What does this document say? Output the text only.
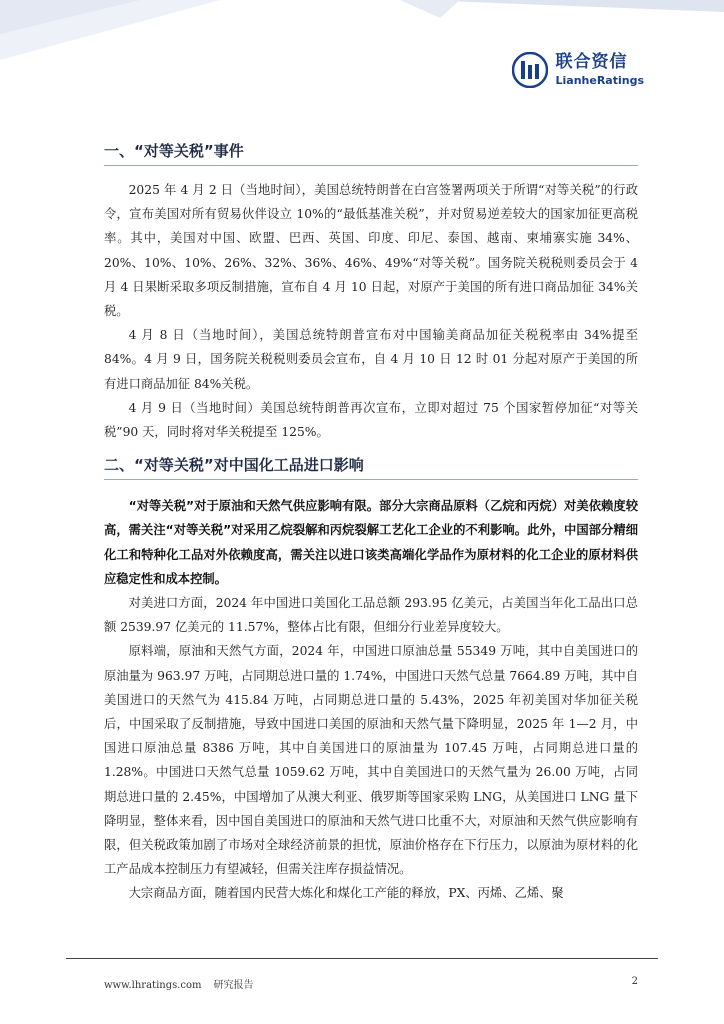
联合资信
LianheRatings
一、“对等关税”事件

2025 年 4 月 2 日（当地时间），美国总统特朗普在白宫签署两项关于所谓“对等关税”的行政令，宣布美国对所有贸易伙伴设立 10%的“最低基准关税”，并对贸易逆差较大的国家加征更高税率。其中，美国对中国、欧盟、巴西、英国、印度、印尼、泰国、越南、柬埔寨实施 34%、20%、10%、10%、26%、32%、36%、46%、49%“对等关税”。国务院关税税则委员会于 4 月 4 日果断采取多项反制措施，宣布自 4 月 10 日起，对原产于美国的所有进口商品加征 34%关税。

4 月 8 日（当地时间），美国总统特朗普宣布对中国输美商品加征关税税率由 34%提至 84%。4 月 9 日，国务院关税税则委员会宣布，自 4 月 10 日 12 时 01 分起对原产于美国的所有进口商品加征 84%关税。

4 月 9 日（当地时间）美国总统特朗普再次宣布，立即对超过 75 个国家暂停加征“对等关税”90 天，同时将对华关税提至 125%。

二、“对等关税”对中国化工品进口影响

“对等关税”对于原油和天然气供应影响有限。部分大宗商品原料（乙烷和丙烷）对美依赖度较高，需关注“对等关税”对采用乙烷裂解和丙烷裂解工艺化工企业的不利影响。此外，中国部分精细化工和特种化工品对外依赖度高，需关注以进口该类高端化学品作为原材料的化工企业的原材料供应稳定性和成本控制。

对美进口方面，2024 年中国进口美国化工品总额 293.95 亿美元，占美国当年化工品出口总额 2539.97 亿美元的 11.57%，整体占比有限，但细分行业差异度较大。

原料端，原油和天然气方面，2024 年，中国进口原油总量 55349 万吨，其中自美国进口的原油量为 963.97 万吨，占同期总进口量的 1.74%，中国进口天然气总量 7664.89 万吨，其中自美国进口的天然气为 415.84 万吨，占同期总进口量的 5.43%，2025 年初美国对华加征关税后，中国采取了反制措施，导致中国进口美国的原油和天然气量下降明显，2025 年 1—2 月，中国进口原油总量 8386 万吨，其中自美国进口的原油量为 107.45 万吨，占同期总进口量的 1.28%。中国进口天然气总量 1059.62 万吨，其中自美国进口的天然气量为 26.00 万吨，占同期总进口量的 2.45%，中国增加了从澳大利亚、俄罗斯等国家采购 LNG，从美国进口 LNG 量下降明显，整体来看，因中国自美国进口的原油和天然气进口比重不大，对原油和天然气供应影响有限，但关税政策加剧了市场对全球经济前景的担忧，原油价格存在下行压力，以原油为原材料的化工产品成本控制压力有望减轻，但需关注库存损益情况。

大宗商品方面，随着国内民营大炼化和煤化工产能的释放，PX、丙烯、乙烯、聚

www.lhratings.com 研究报告	2
